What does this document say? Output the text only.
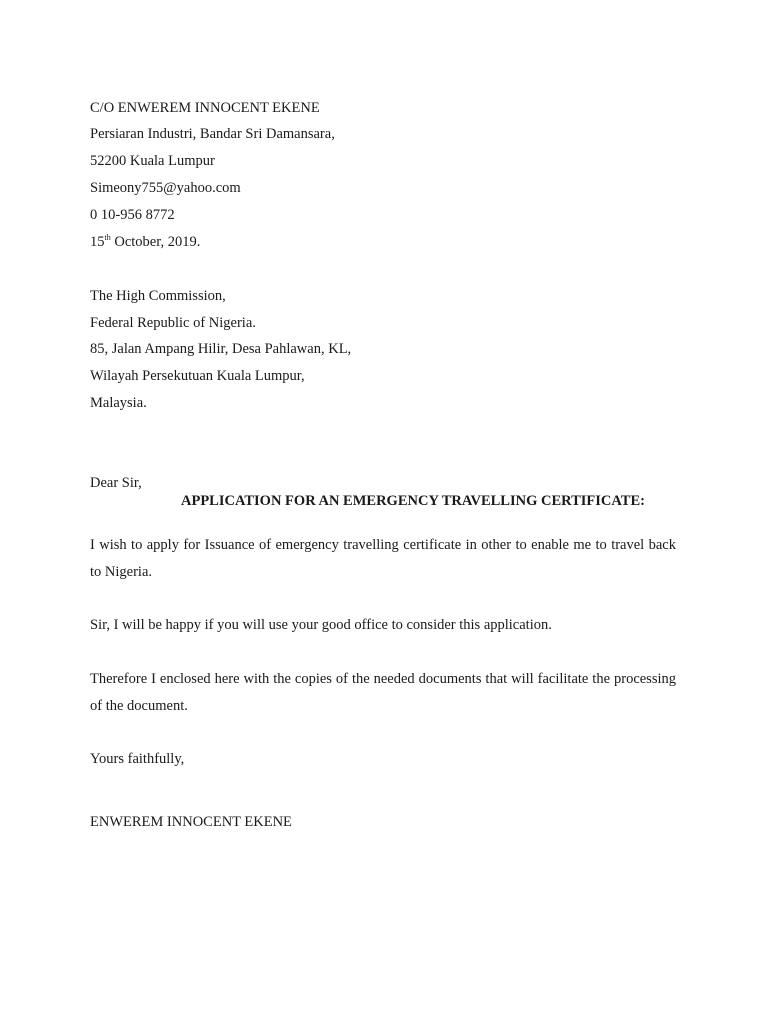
C/O ENWEREM INNOCENT EKENE
Persiaran Industri, Bandar Sri Damansara,
52200 Kuala Lumpur
Simeony755@yahoo.com
0 10-956 8772
15th October, 2019.
The High Commission,
Federal Republic of Nigeria.
85, Jalan Ampang Hilir, Desa Pahlawan, KL,
Wilayah Persekutuan Kuala Lumpur,
Malaysia.
Dear Sir,
APPLICATION FOR AN EMERGENCY TRAVELLING CERTIFICATE:
I wish to apply for Issuance of emergency travelling certificate in other to enable me to travel back to Nigeria.
Sir, I will be happy if you will use your good office to consider this application.
Therefore I enclosed here with the copies of the needed documents that will facilitate the processing of the document.
Yours faithfully,
ENWEREM INNOCENT EKENE
